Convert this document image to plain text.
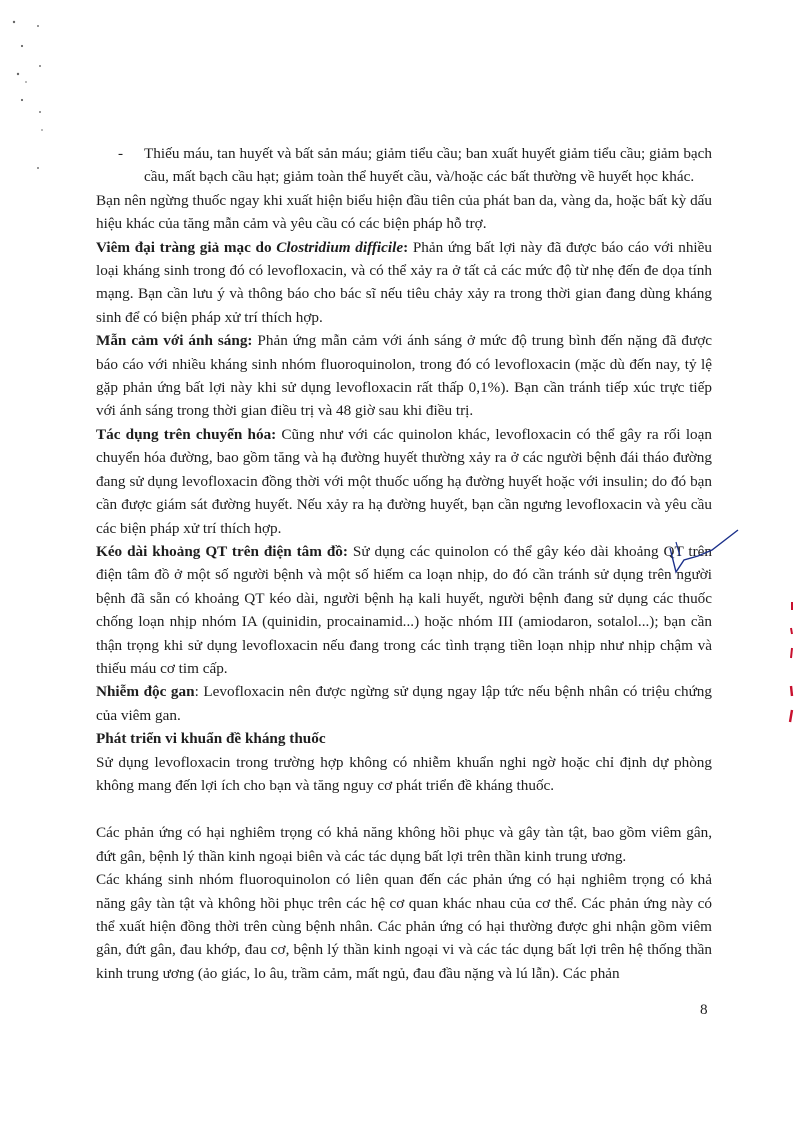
- Thiếu máu, tan huyết và bất sản máu; giảm tiểu cầu; ban xuất huyết giảm tiểu cầu; giảm bạch cầu, mất bạch cầu hạt; giảm toàn thể huyết cầu, và/hoặc các bất thường về huyết học khác.

Bạn nên ngừng thuốc ngay khi xuất hiện biểu hiện đầu tiên của phát ban da, vàng da, hoặc bất kỳ dấu hiệu khác của tăng mẫn cảm và yêu cầu có các biện pháp hỗ trợ.

Viêm đại tràng giả mạc do Clostridium difficile: Phản ứng bất lợi này đã được báo cáo với nhiều loại kháng sinh trong đó có levofloxacin, và có thể xảy ra ở tất cả các mức độ từ nhẹ đến đe dọa tính mạng. Bạn cần lưu ý và thông báo cho bác sĩ nếu tiêu chảy xảy ra trong thời gian đang dùng kháng sinh để có biện pháp xử trí thích hợp.

Mẫn cảm với ánh sáng: Phản ứng mẫn cảm với ánh sáng ở mức độ trung bình đến nặng đã được báo cáo với nhiều kháng sinh nhóm fluoroquinolon, trong đó có levofloxacin (mặc dù đến nay, tỷ lệ gặp phản ứng bất lợi này khi sử dụng levofloxacin rất thấp 0,1%). Bạn cần tránh tiếp xúc trực tiếp với ánh sáng trong thời gian điều trị và 48 giờ sau khi điều trị.

Tác dụng trên chuyển hóa: Cũng như với các quinolon khác, levofloxacin có thể gây ra rối loạn chuyển hóa đường, bao gồm tăng và hạ đường huyết thường xảy ra ở các người bệnh đái tháo đường đang sử dụng levofloxacin đồng thời với một thuốc uống hạ đường huyết hoặc với insulin; do đó bạn cần được giám sát đường huyết. Nếu xảy ra hạ đường huyết, bạn cần ngưng levofloxacin và yêu cầu các biện pháp xử trí thích hợp.

Kéo dài khoảng QT trên điện tâm đồ: Sử dụng các quinolon có thể gây kéo dài khoảng QT trên điện tâm đồ ở một số người bệnh và một số hiếm ca loạn nhịp, do đó cần tránh sử dụng trên người bệnh đã sẵn có khoảng QT kéo dài, người bệnh hạ kali huyết, người bệnh đang sử dụng các thuốc chống loạn nhịp nhóm IA (quinidin, procainamid...) hoặc nhóm III (amiodaron, sotalol...); bạn cần thận trọng khi sử dụng levofloxacin nếu đang trong các tình trạng tiền loạn nhịp như nhịp chậm và thiếu máu cơ tim cấp.

Nhiễm độc gan: Levofloxacin nên được ngừng sử dụng ngay lập tức nếu bệnh nhân có triệu chứng của viêm gan.

Phát triển vi khuẩn đề kháng thuốc

Sử dụng levofloxacin trong trường hợp không có nhiễm khuẩn nghi ngờ hoặc chỉ định dự phòng không mang đến lợi ích cho bạn và tăng nguy cơ phát triển đề kháng thuốc.

Các phản ứng có hại nghiêm trọng có khả năng không hồi phục và gây tàn tật, bao gồm viêm gân, đứt gân, bệnh lý thần kinh ngoại biên và các tác dụng bất lợi trên thần kinh trung ương.

Các kháng sinh nhóm fluoroquinolon có liên quan đến các phản ứng có hại nghiêm trọng có khả năng gây tàn tật và không hồi phục trên các hệ cơ quan khác nhau của cơ thể. Các phản ứng này có thể xuất hiện đồng thời trên cùng bệnh nhân. Các phản ứng có hại thường được ghi nhận gồm viêm gân, đứt gân, đau khớp, đau cơ, bệnh lý thần kinh ngoại vi và các tác dụng bất lợi trên hệ thống thần kinh trung ương (ảo giác, lo âu, trầm cảm, mất ngủ, đau đầu nặng và lú lẫn). Các phản

8
